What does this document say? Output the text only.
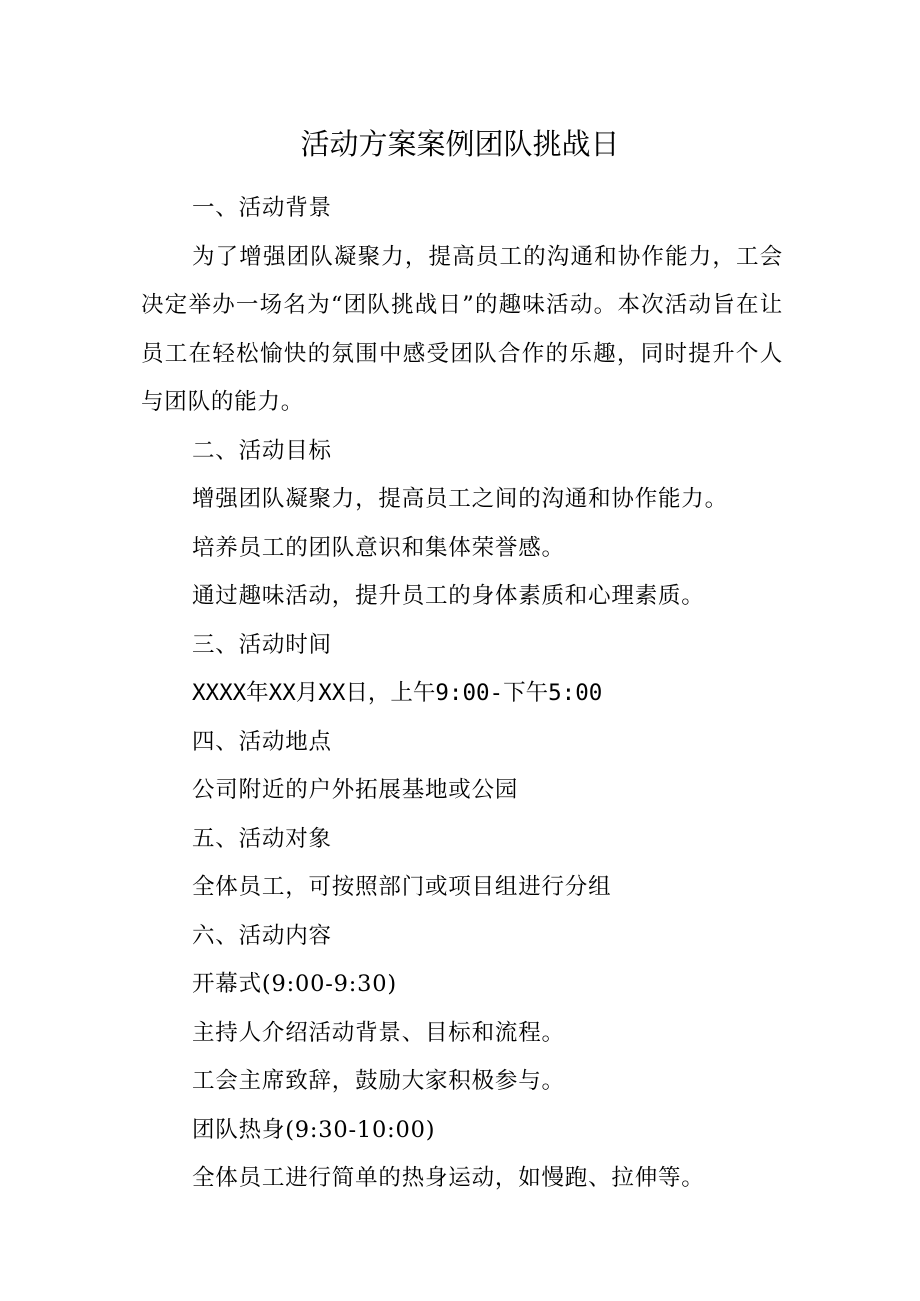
活动方案案例团队挑战日

一、活动背景

为了增强团队凝聚力，提高员工的沟通和协作能力，工会决定举办一场名为“团队挑战日”的趣味活动。本次活动旨在让员工在轻松愉快的氛围中感受团队合作的乐趣，同时提升个人与团队的能力。

二、活动目标

增强团队凝聚力，提高员工之间的沟通和协作能力。

培养员工的团队意识和集体荣誉感。

通过趣味活动，提升员工的身体素质和心理素质。

三、活动时间

XXXX年XX月XX日，上午9:00-下午5:00

四、活动地点

公司附近的户外拓展基地或公园

五、活动对象

全体员工，可按照部门或项目组进行分组

六、活动内容

开幕式(9:00-9:30)

主持人介绍活动背景、目标和流程。

工会主席致辞，鼓励大家积极参与。

团队热身(9:30-10:00)

全体员工进行简单的热身运动，如慢跑、拉伸等。
